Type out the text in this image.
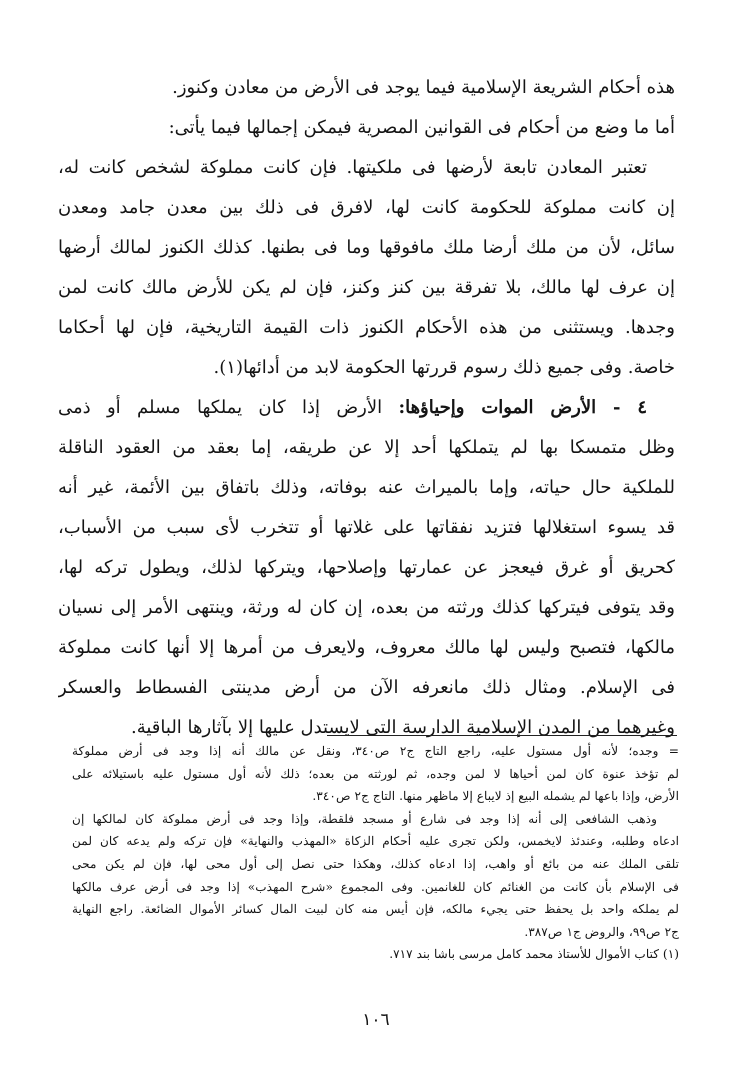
هذه أحكام الشريعة الإسلامية فيما يوجد فى الأرض من معادن وكنوز.
أما ما وضع من أحكام فى القوانين المصرية فيمكن إجمالها فيما يأتى:
تعتبر المعادن تابعة لأرضها فى ملكيتها. فإن كانت مملوكة لشخص كانت له،
إن كانت مملوكة للحكومة كانت لها، لافرق فى ذلك بين معدن جامد ومعدن
سائل، لأن من ملك أرضا ملك مافوقها وما فى بطنها. كذلك الكنوز لمالك أرضها
إن عرف لها مالك، بلا تفرقة بين كنز وكنز، فإن لم يكن للأرض مالك كانت لمن
وجدها. ويستثنى من هذه الأحكام الكنوز ذات القيمة التاريخية، فإن لها أحكاما
خاصة. وفى جميع ذلك رسوم قررتها الحكومة لابد من أدائها(١).
٤ - الأرض الموات وإحياؤها: الأرض إذا كان يملكها مسلم أو ذمى
وظل متمسكا بها لم يتملكها أحد إلا عن طريقه، إما بعقد من العقود الناقلة
للملكية حال حياته، وإما بالميراث عنه بوفاته، وذلك باتفاق بين الأئمة، غير أنه
قد يسوء استغلالها فتزيد نفقاتها على غلاتها أو تتخرب لأى سبب من الأسباب،
كحريق أو غرق فيعجز عن عمارتها وإصلاحها، ويتركها لذلك، ويطول تركه لها،
وقد يتوفى فيتركها كذلك ورثته من بعده، إن كان له ورثة، وينتهى الأمر إلى نسيان
مالكها، فتصبح وليس لها مالك معروف، ولايعرف من أمرها إلا أنها كانت مملوكة
فى الإسلام. ومثال ذلك مانعرفه الآن من أرض مدينتى الفسطاط والعسكر
وغيرهما من المدن الإسلامية الدارسة التى لايستدل عليها إلا بآثارها الباقية.
= وجده؛ لأنه أول مستول عليه، راجع التاج ج٢ ص٣٤٠، ونقل عن مالك أنه إذا وجد فى أرض مملوكة
لم تؤخذ عنوة كان لمن أحياها لا لمن وجده، ثم لورثته من بعده؛ ذلك لأنه أول مستول عليه باستيلائه على
الأرض، وإذا باعها لم يشمله البيع إذ لايباع إلا ماظهر منها. التاج ج٢ ص٣٤٠.
وذهب الشافعى إلى أنه إذا وجد فى شارع أو مسجد فلقطة، وإذا وجد فى أرض مملوكة كان لمالكها إن
ادعاه وطلبه، وعندئذ لايخمس، ولكن تجرى عليه أحكام الزكاة «المهذب والنهاية» فإن تركه ولم يدعه كان لمن
تلقى الملك عنه من بائع أو واهب، إذا ادعاه كذلك، وهكذا حتى نصل إلى أول محى لها، فإن لم يكن محى
فى الإسلام بأن كانت من الغنائم كان للغانمين. وفى المجموع «شرح المهذب» إذا وجد فى أرض عرف مالكها
لم يملكه واحد بل يحفظ حتى يجيء مالكه، فإن أيس منه كان لبيت المال كسائر الأموال الضائعة. راجع النهاية
ج٢ ص٩٩، والروض ج١ ص٣٨٧.
(١) كتاب الأموال للأستاذ محمد كامل مرسى باشا بند ٧١٧.
١٠٦
